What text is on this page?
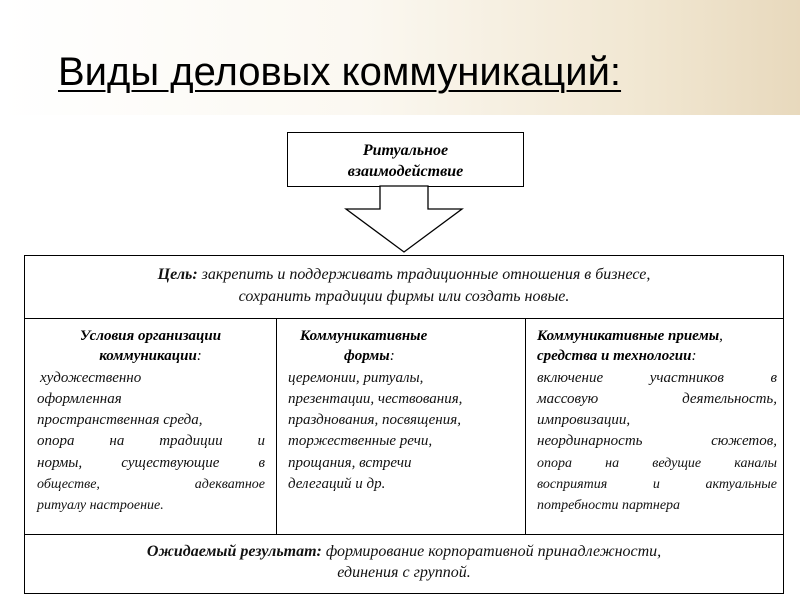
Виды деловых коммуникаций:
Ритуальное
взаимодействие
Цель: закрепить и поддерживать традиционные отношения в бизнесе,
сохранить традиции фирмы или создать новые.
Условия организации
коммуникации:
художественно
оформленная
пространственная среда,
опора на традиции и
нормы, существующие в
обществе, адекватное
ритуалу настроение.
Коммуникативные
формы:
церемонии, ритуалы,
презентации, чествования,
празднования, посвящения,
торжественные речи,
прощания, встречи
делегаций и др.
Коммуникативные приемы,
средства и технологии:
включение участников в
массовую деятельность,
импровизации,
неординарность сюжетов,
опора на ведущие каналы
восприятия и актуальные
потребности партнера
Ожидаемый результат: формирование корпоративной принадлежности,
единения с группой.
